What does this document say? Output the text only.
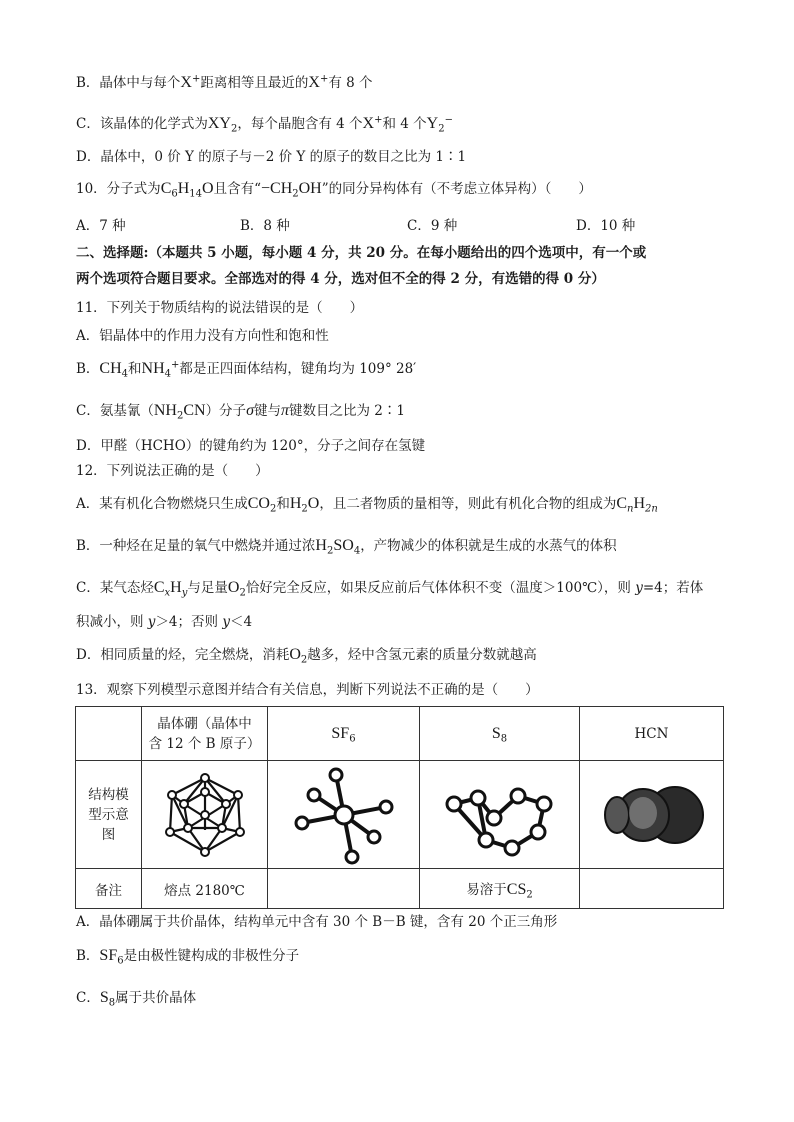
B．晶体中与每个X+距离相等且最近的X+有 8 个
C．该晶体的化学式为$XY_2$，每个晶胞含有 4 个X+和 4 个$Y_2^-$
D．晶体中，0 价 Y 的原子与－2 价 Y 的原子的数目之比为 1∶1
10．分子式为$C_6H_{14}O$且含有“$-CH_2OH$”的同分异构体有（不考虑立体异构）（　　）
A．7 种	B．8 种	C．9 种	D．10 种
二、选择题:（本题共 5 小题，每小题 4 分，共 20 分。在每小题给出的四个选项中，有一个或
两个选项符合题目要求。全部选对的得 4 分，选对但不全的得 2 分，有选错的得 0 分）
11．下列关于物质结构的说法错误的是（　　）
A．铝晶体中的作用力没有方向性和饱和性
B．$CH_4$和$NH_4^+$都是正四面体结构，键角均为 109° 28′
C．氨基氰$(NH_2CN)$分子σ键与π键数目之比为 2∶1
D．甲醛（HCHO）的键角约为 120°，分子之间存在氢键
12．下列说法正确的是（　　）
A．某有机化合物燃烧只生成$CO_2$和$H_2O$，且二者物质的量相等，则此有机化合物的组成为$C_nH_{2n}$
B．一种烃在足量的氧气中燃烧并通过浓$H_2SO_4$，产物减少的体积就是生成的水蒸气的体积
C．某气态烃$C_xH_y$与足量$O_2$恰好完全反应，如果反应前后气体体积不变（温度＞100℃），则 y=4；若体
积减小，则 y＞4；否则 y＜4
D．相同质量的烃，完全燃烧，消耗$O_2$越多，烃中含氢元素的质量分数就越高
13．观察下列模型示意图并结合有关信息，判断下列说法不正确的是（　　）

	晶体硼（晶体中
含 12 个 B 原子）	$SF_6$	$S_8$	HCN

结构模
型示意
图

备注	熔点 2180℃		易溶于$CS_2$	
A．晶体硼属于共价晶体，结构单元中含有 30 个 B－B 键，含有 20 个正三角形
B．$SF_6$是由极性键构成的非极性分子
C．$S_8$属于共价晶体
